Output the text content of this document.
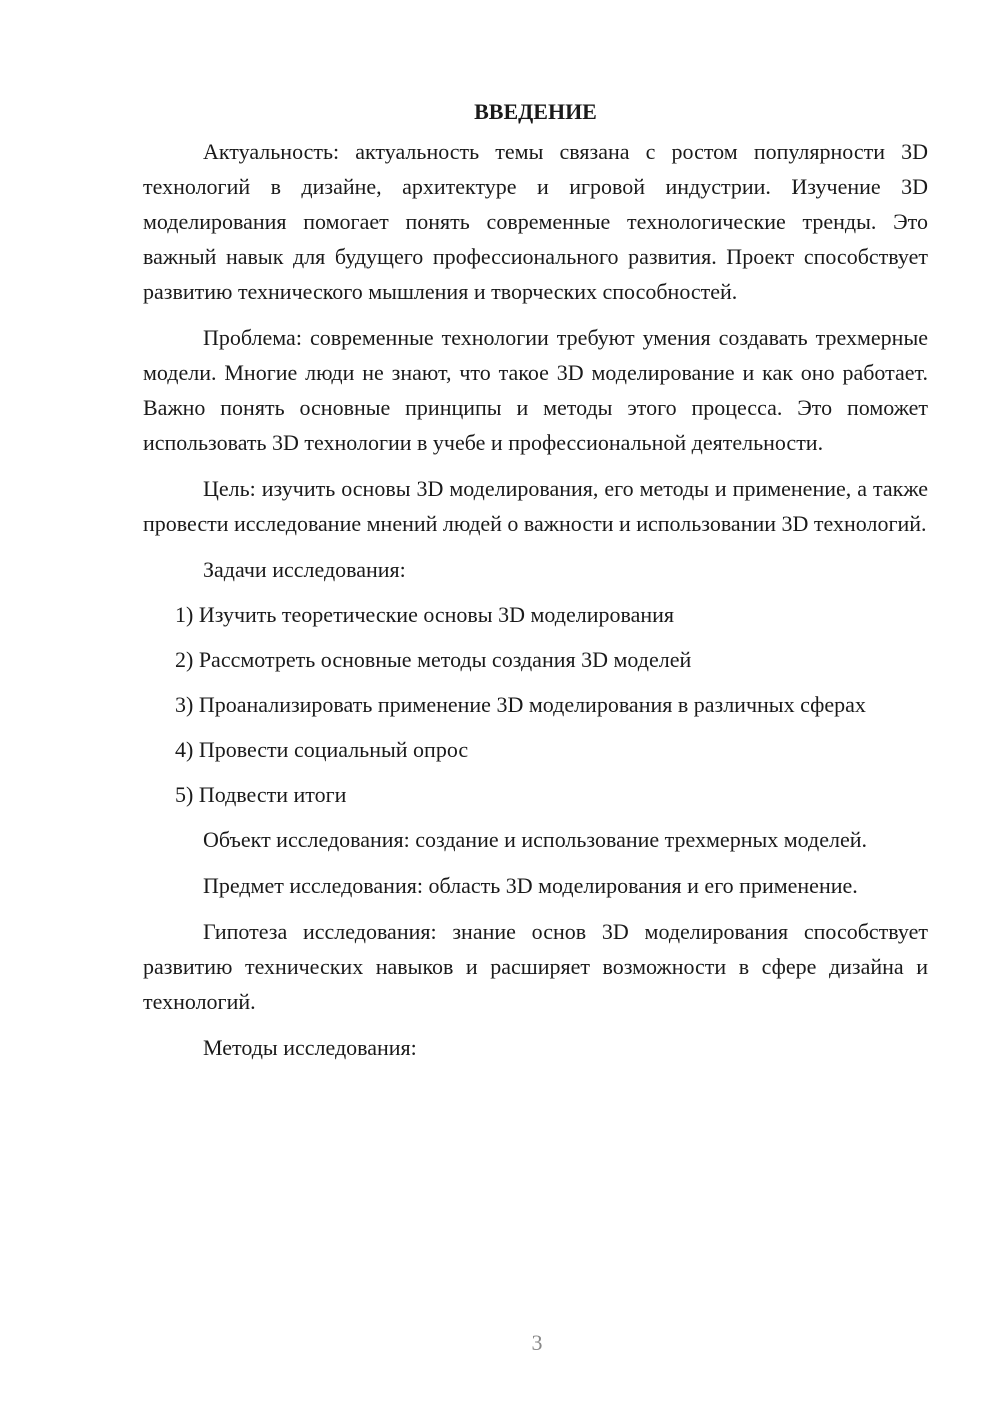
ВВЕДЕНИЕ

Актуальность: актуальность темы связана с ростом популярности 3D технологий в дизайне, архитектуре и игровой индустрии. Изучение 3D моделирования помогает понять современные технологические тренды. Это важный навык для будущего профессионального развития. Проект способствует развитию технического мышления и творческих способностей.

Проблема: современные технологии требуют умения создавать трехмерные модели. Многие люди не знают, что такое 3D моделирование и как оно работает. Важно понять основные принципы и методы этого процесса. Это поможет использовать 3D технологии в учебе и профессиональной деятельности.

Цель: изучить основы 3D моделирования, его методы и применение, а также провести исследование мнений людей о важности и использовании 3D технологий.

Задачи исследования:

1) Изучить теоретические основы 3D моделирования

2) Рассмотреть основные методы создания 3D моделей

3) Проанализировать применение 3D моделирования в различных сферах

4) Провести социальный опрос

5) Подвести итоги

Объект исследования: создание и использование трехмерных моделей.

Предмет исследования: область 3D моделирования и его применение.

Гипотеза исследования: знание основ 3D моделирования способствует развитию технических навыков и расширяет возможности в сфере дизайна и технологий.

Методы исследования:

3
